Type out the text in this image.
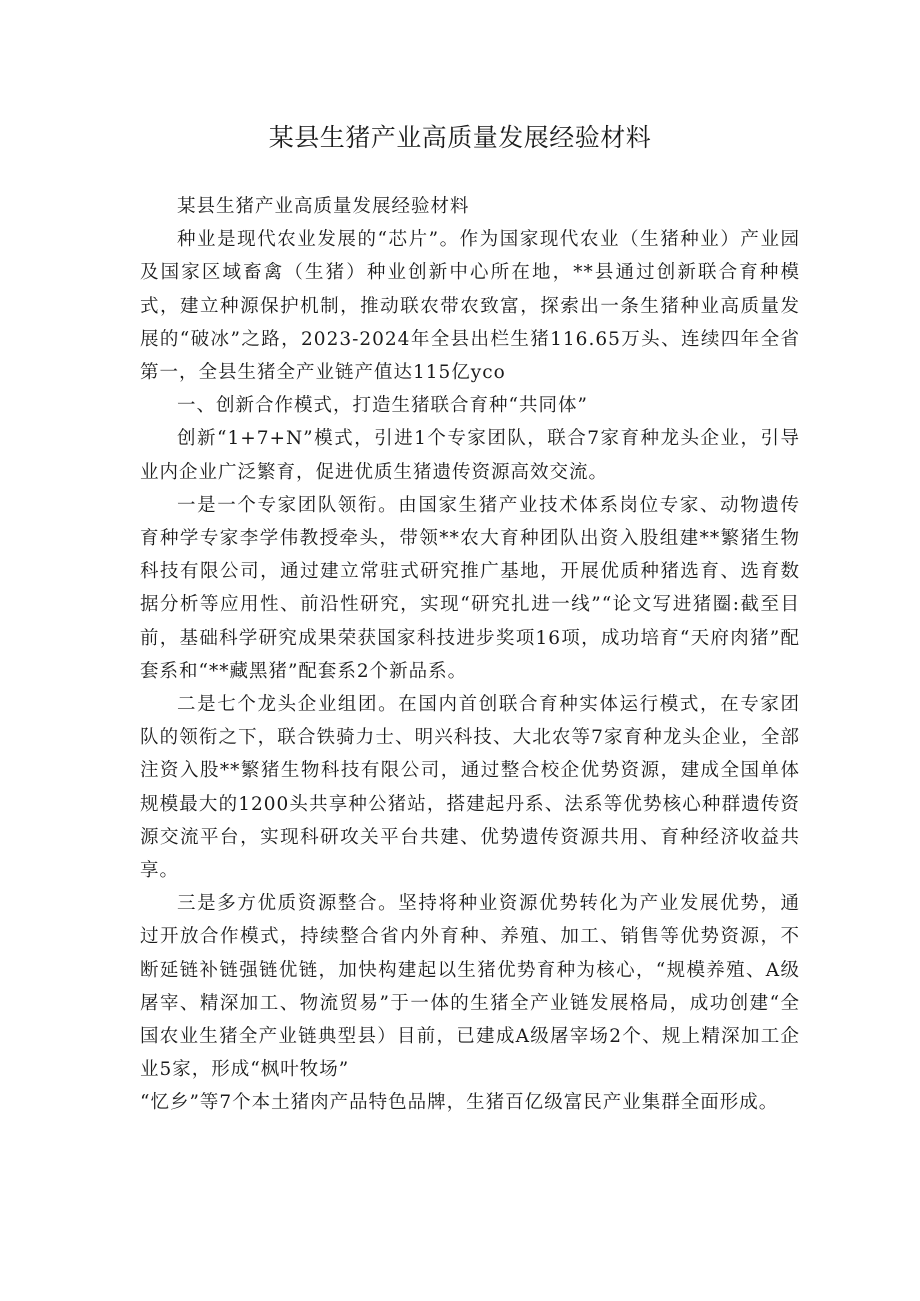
某县生猪产业高质量发展经验材料

某县生猪产业高质量发展经验材料

种业是现代农业发展的“芯片”。作为国家现代农业（生猪种业）产业园及国家区域畜禽（生猪）种业创新中心所在地，**县通过创新联合育种模式，建立种源保护机制，推动联农带农致富，探索出一条生猪种业高质量发展的“破冰”之路，2023-2024年全县出栏生猪116.65万头、连续四年全省第一，全县生猪全产业链产值达115亿yco

一、创新合作模式，打造生猪联合育种“共同体”

创新“1+7+N”模式，引进1个专家团队，联合7家育种龙头企业，引导业内企业广泛繁育，促进优质生猪遗传资源高效交流。

一是一个专家团队领衔。由国家生猪产业技术体系岗位专家、动物遗传育种学专家李学伟教授牵头，带领**农大育种团队出资入股组建**繁猪生物科技有限公司，通过建立常驻式研究推广基地，开展优质种猪选育、选育数据分析等应用性、前沿性研究，实现“研究扎进一线”“论文写进猪圈:截至目前，基础科学研究成果荣获国家科技进步奖项16项，成功培育“天府肉猪”配套系和“**藏黑猪”配套系2个新品系。

二是七个龙头企业组团。在国内首创联合育种实体运行模式，在专家团队的领衔之下，联合铁骑力士、明兴科技、大北农等7家育种龙头企业，全部注资入股**繁猪生物科技有限公司，通过整合校企优势资源，建成全国单体规模最大的1200头共享种公猪站，搭建起丹系、法系等优势核心种群遗传资源交流平台，实现科研攻关平台共建、优势遗传资源共用、育种经济收益共享。

三是多方优质资源整合。坚持将种业资源优势转化为产业发展优势，通过开放合作模式，持续整合省内外育种、养殖、加工、销售等优势资源，不断延链补链强链优链，加快构建起以生猪优势育种为核心，“规模养殖、A级屠宰、精深加工、物流贸易”于一体的生猪全产业链发展格局，成功创建“全国农业生猪全产业链典型县）目前，已建成A级屠宰场2个、规上精深加工企业5家，形成“枫叶牧场”

“忆乡”等7个本土猪肉产品特色品牌，生猪百亿级富民产业集群全面形成。
